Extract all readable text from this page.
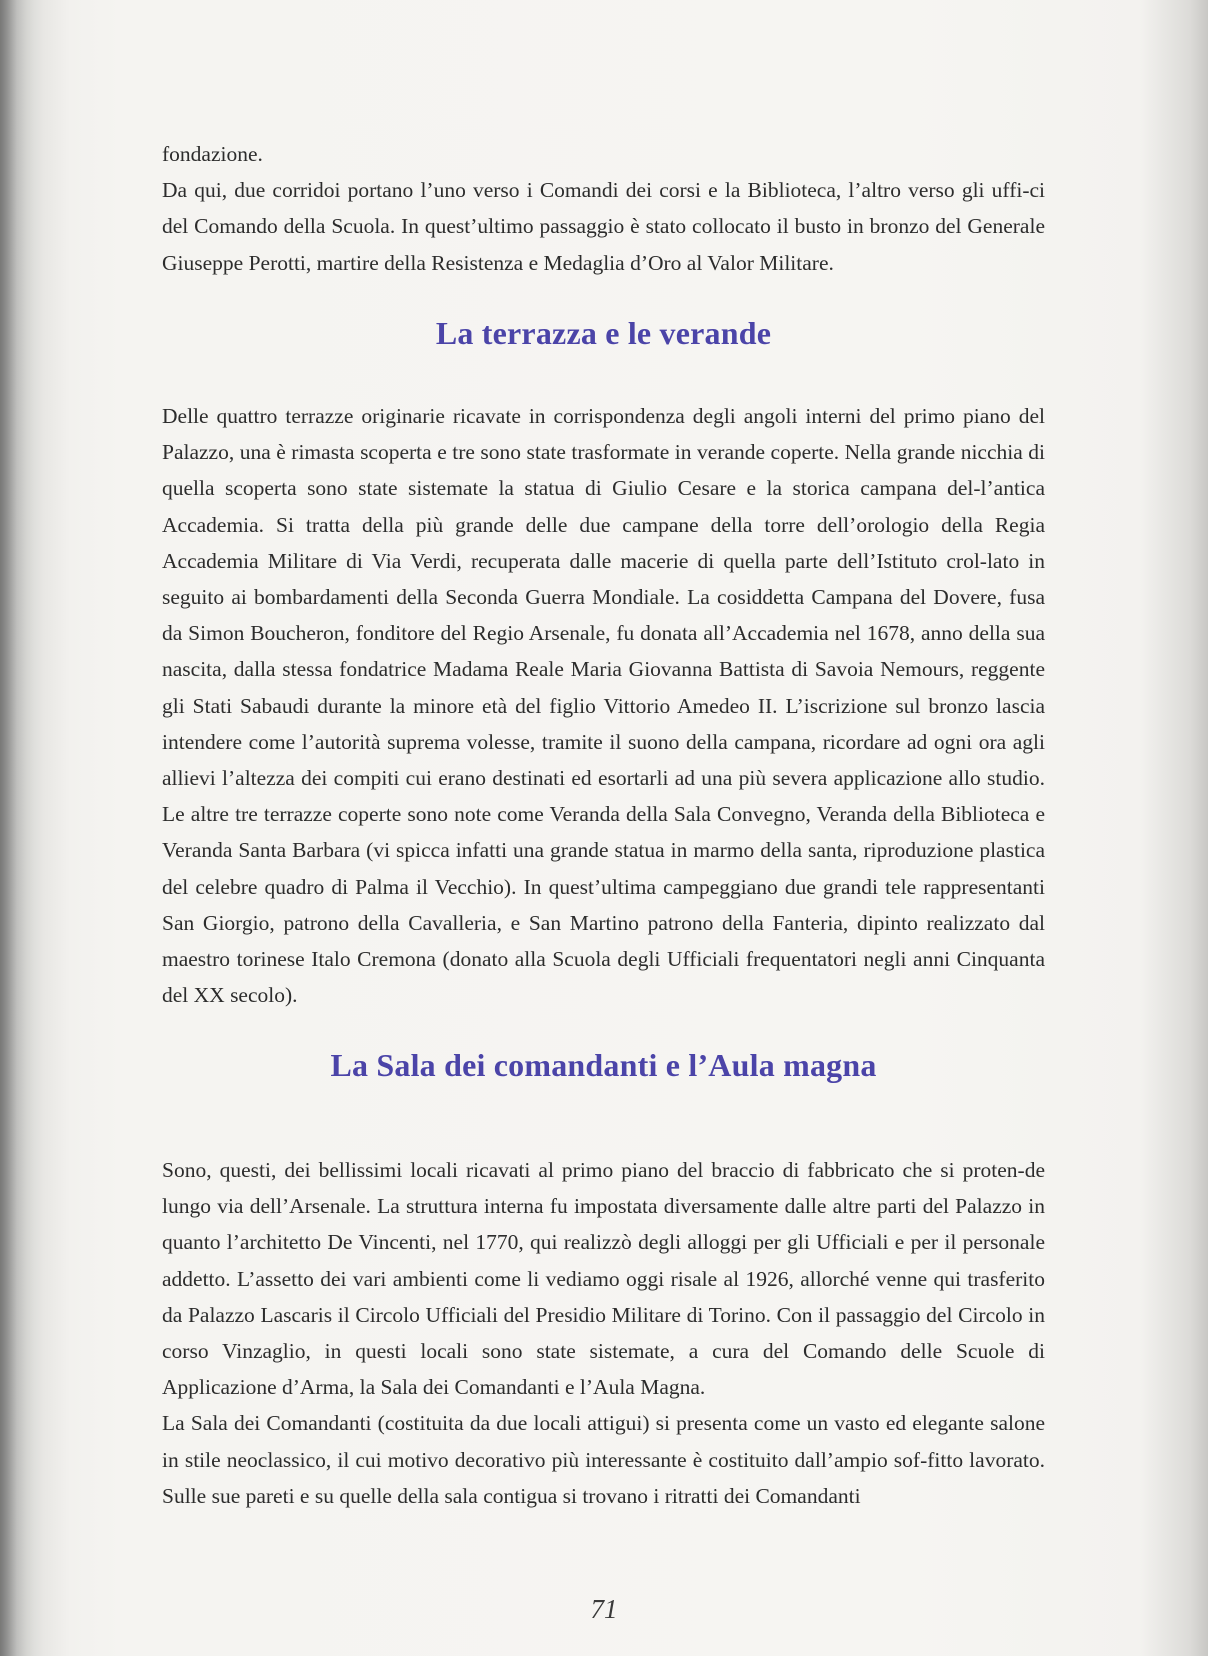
fondazione.

Da qui, due corridoi portano l’uno verso i Comandi dei corsi e la Biblioteca, l’altro verso gli uffi-ci del Comando della Scuola. In quest’ultimo passaggio è stato collocato il busto in bronzo del Generale Giuseppe Perotti, martire della Resistenza e Medaglia d’Oro al Valor Militare.

La terrazza e le verande

Delle quattro terrazze originarie ricavate in corrispondenza degli angoli interni del primo piano del Palazzo, una è rimasta scoperta e tre sono state trasformate in verande coperte. Nella grande nicchia di quella scoperta sono state sistemate la statua di Giulio Cesare e la storica campana del-l’antica Accademia. Si tratta della più grande delle due campane della torre dell’orologio della Regia Accademia Militare di Via Verdi, recuperata dalle macerie di quella parte dell’Istituto crol-lato in seguito ai bombardamenti della Seconda Guerra Mondiale. La cosiddetta Campana del Dovere, fusa da Simon Boucheron, fonditore del Regio Arsenale, fu donata all’Accademia nel 1678, anno della sua nascita, dalla stessa fondatrice Madama Reale Maria Giovanna Battista di Savoia Nemours, reggente gli Stati Sabaudi durante la minore età del figlio Vittorio Amedeo II. L’iscrizione sul bronzo lascia intendere come l’autorità suprema volesse, tramite il suono della campana, ricordare ad ogni ora agli allievi l’altezza dei compiti cui erano destinati ed esortarli ad una più severa applicazione allo studio. Le altre tre terrazze coperte sono note come Veranda della Sala Convegno, Veranda della Biblioteca e Veranda Santa Barbara (vi spicca infatti una grande statua in marmo della santa, riproduzione plastica del celebre quadro di Palma il Vecchio). In quest’ultima campeggiano due grandi tele rappresentanti San Giorgio, patrono della Cavalleria, e San Martino patrono della Fanteria, dipinto realizzato dal maestro torinese Italo Cremona (donato alla Scuola degli Ufficiali frequentatori negli anni Cinquanta del XX secolo).

La Sala dei comandanti e l’Aula magna

Sono, questi, dei bellissimi locali ricavati al primo piano del braccio di fabbricato che si proten-de lungo via dell’Arsenale. La struttura interna fu impostata diversamente dalle altre parti del Palazzo in quanto l’architetto De Vincenti, nel 1770, qui realizzò degli alloggi per gli Ufficiali e per il personale addetto. L’assetto dei vari ambienti come li vediamo oggi risale al 1926, allorché venne qui trasferito da Palazzo Lascaris il Circolo Ufficiali del Presidio Militare di Torino. Con il passaggio del Circolo in corso Vinzaglio, in questi locali sono state sistemate, a cura del Comando delle Scuole di Applicazione d’Arma, la Sala dei Comandanti e l’Aula Magna.

La Sala dei Comandanti (costituita da due locali attigui) si presenta come un vasto ed elegante salone in stile neoclassico, il cui motivo decorativo più interessante è costituito dall’ampio sof-fitto lavorato. Sulle sue pareti e su quelle della sala contigua si trovano i ritratti dei Comandanti

71
